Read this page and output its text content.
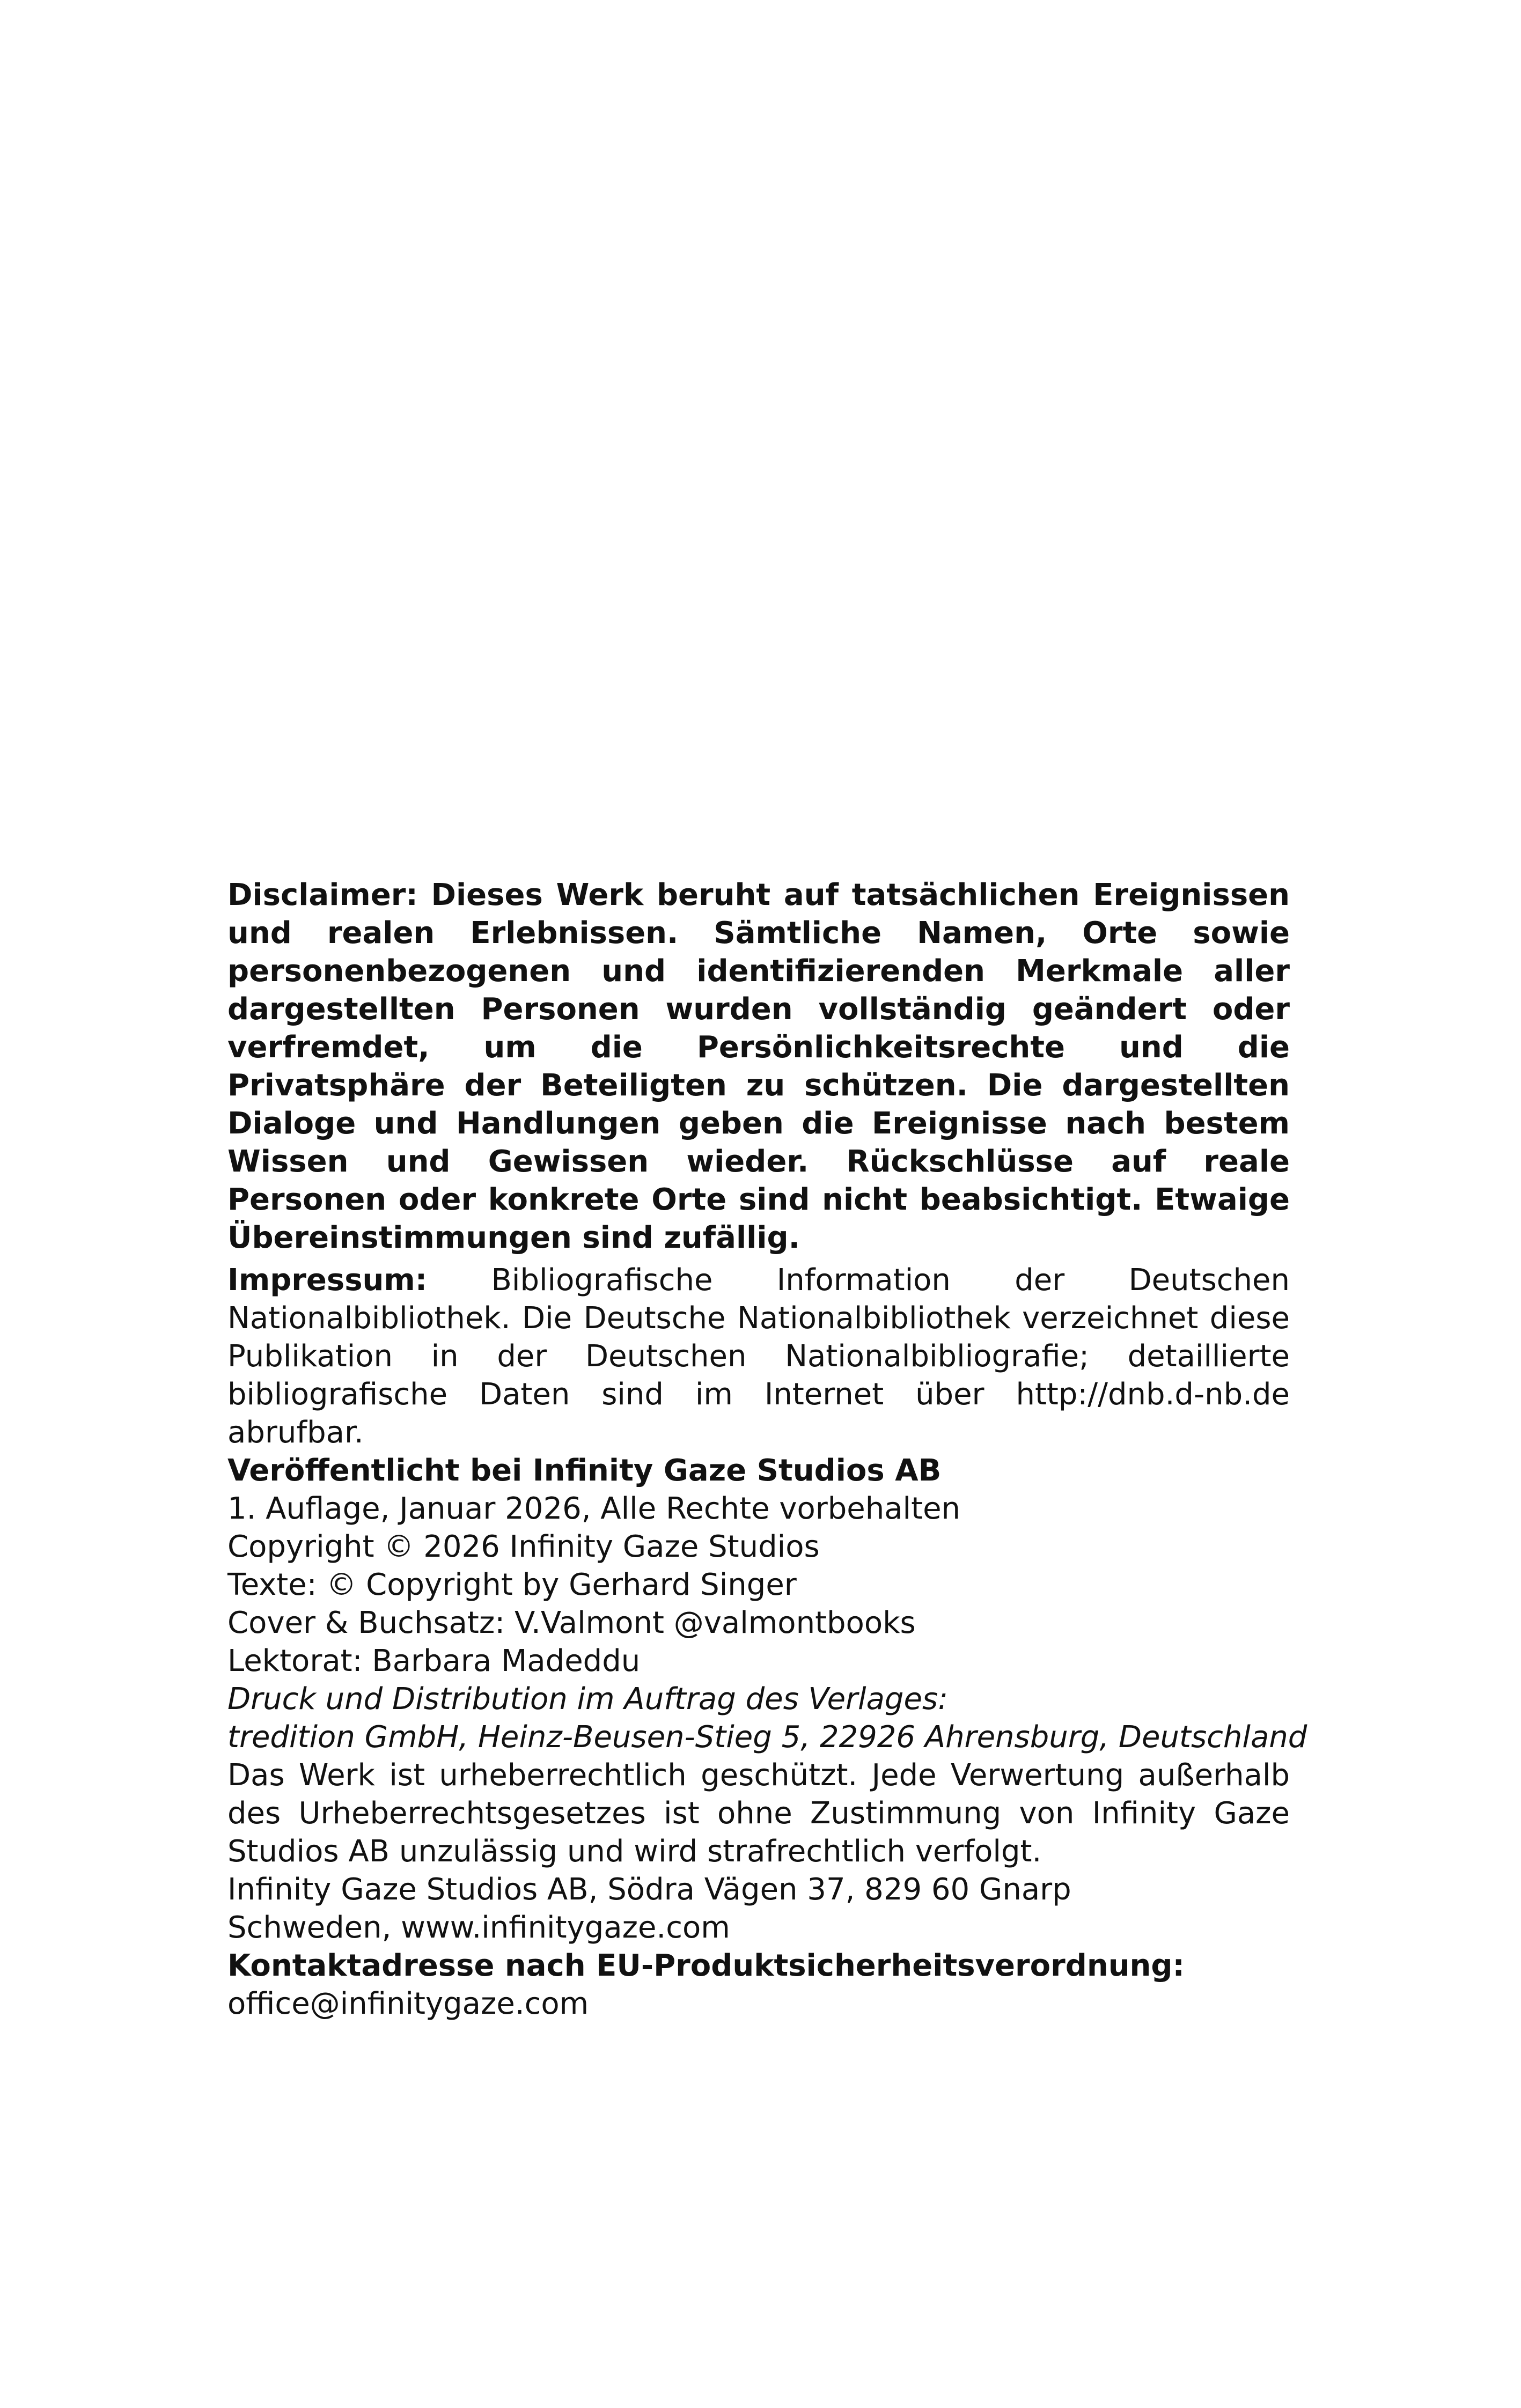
Disclaimer: Dieses Werk beruht auf tatsächlichen Ereignissen und realen Erlebnissen. Sämtliche Namen, Orte sowie personenbezogenen und identifizierenden Merkmale aller dargestellten Personen wurden vollständig geändert oder verfremdet, um die Persönlichkeitsrechte und die Privatsphäre der Beteiligten zu schützen. Die dargestellten Dialoge und Handlungen geben die Ereignisse nach bestem Wissen und Gewissen wieder. Rückschlüsse auf reale Personen oder konkrete Orte sind nicht beabsichtigt. Etwaige Übereinstimmungen sind zufällig.

Impressum: Bibliografische Information der Deutschen Nationalbibliothek. Die Deutsche Nationalbibliothek verzeichnet diese Publikation in der Deutschen Nationalbibliografie; detaillierte bibliografische Daten sind im Internet über http://dnb.d-nb.de abrufbar.

Veröffentlicht bei Infinity Gaze Studios AB

1. Auflage, Januar 2026, Alle Rechte vorbehalten

Copyright © 2026 Infinity Gaze Studios

Texte: © Copyright by Gerhard Singer

Cover & Buchsatz: V.Valmont @valmontbooks

Lektorat: Barbara Madeddu

Druck und Distribution im Auftrag des Verlages:

tredition GmbH, Heinz-Beusen-Stieg 5, 22926 Ahrensburg, Deutschland

Das Werk ist urheberrechtlich geschützt. Jede Verwertung außerhalb des Urheberrechtsgesetzes ist ohne Zustimmung von Infinity Gaze Studios AB unzulässig und wird strafrechtlich verfolgt.

Infinity Gaze Studios AB, Södra Vägen 37, 829 60 Gnarp

Schweden, www.infinitygaze.com

Kontaktadresse nach EU-Produktsicherheitsverordnung:

office@infinitygaze.com
